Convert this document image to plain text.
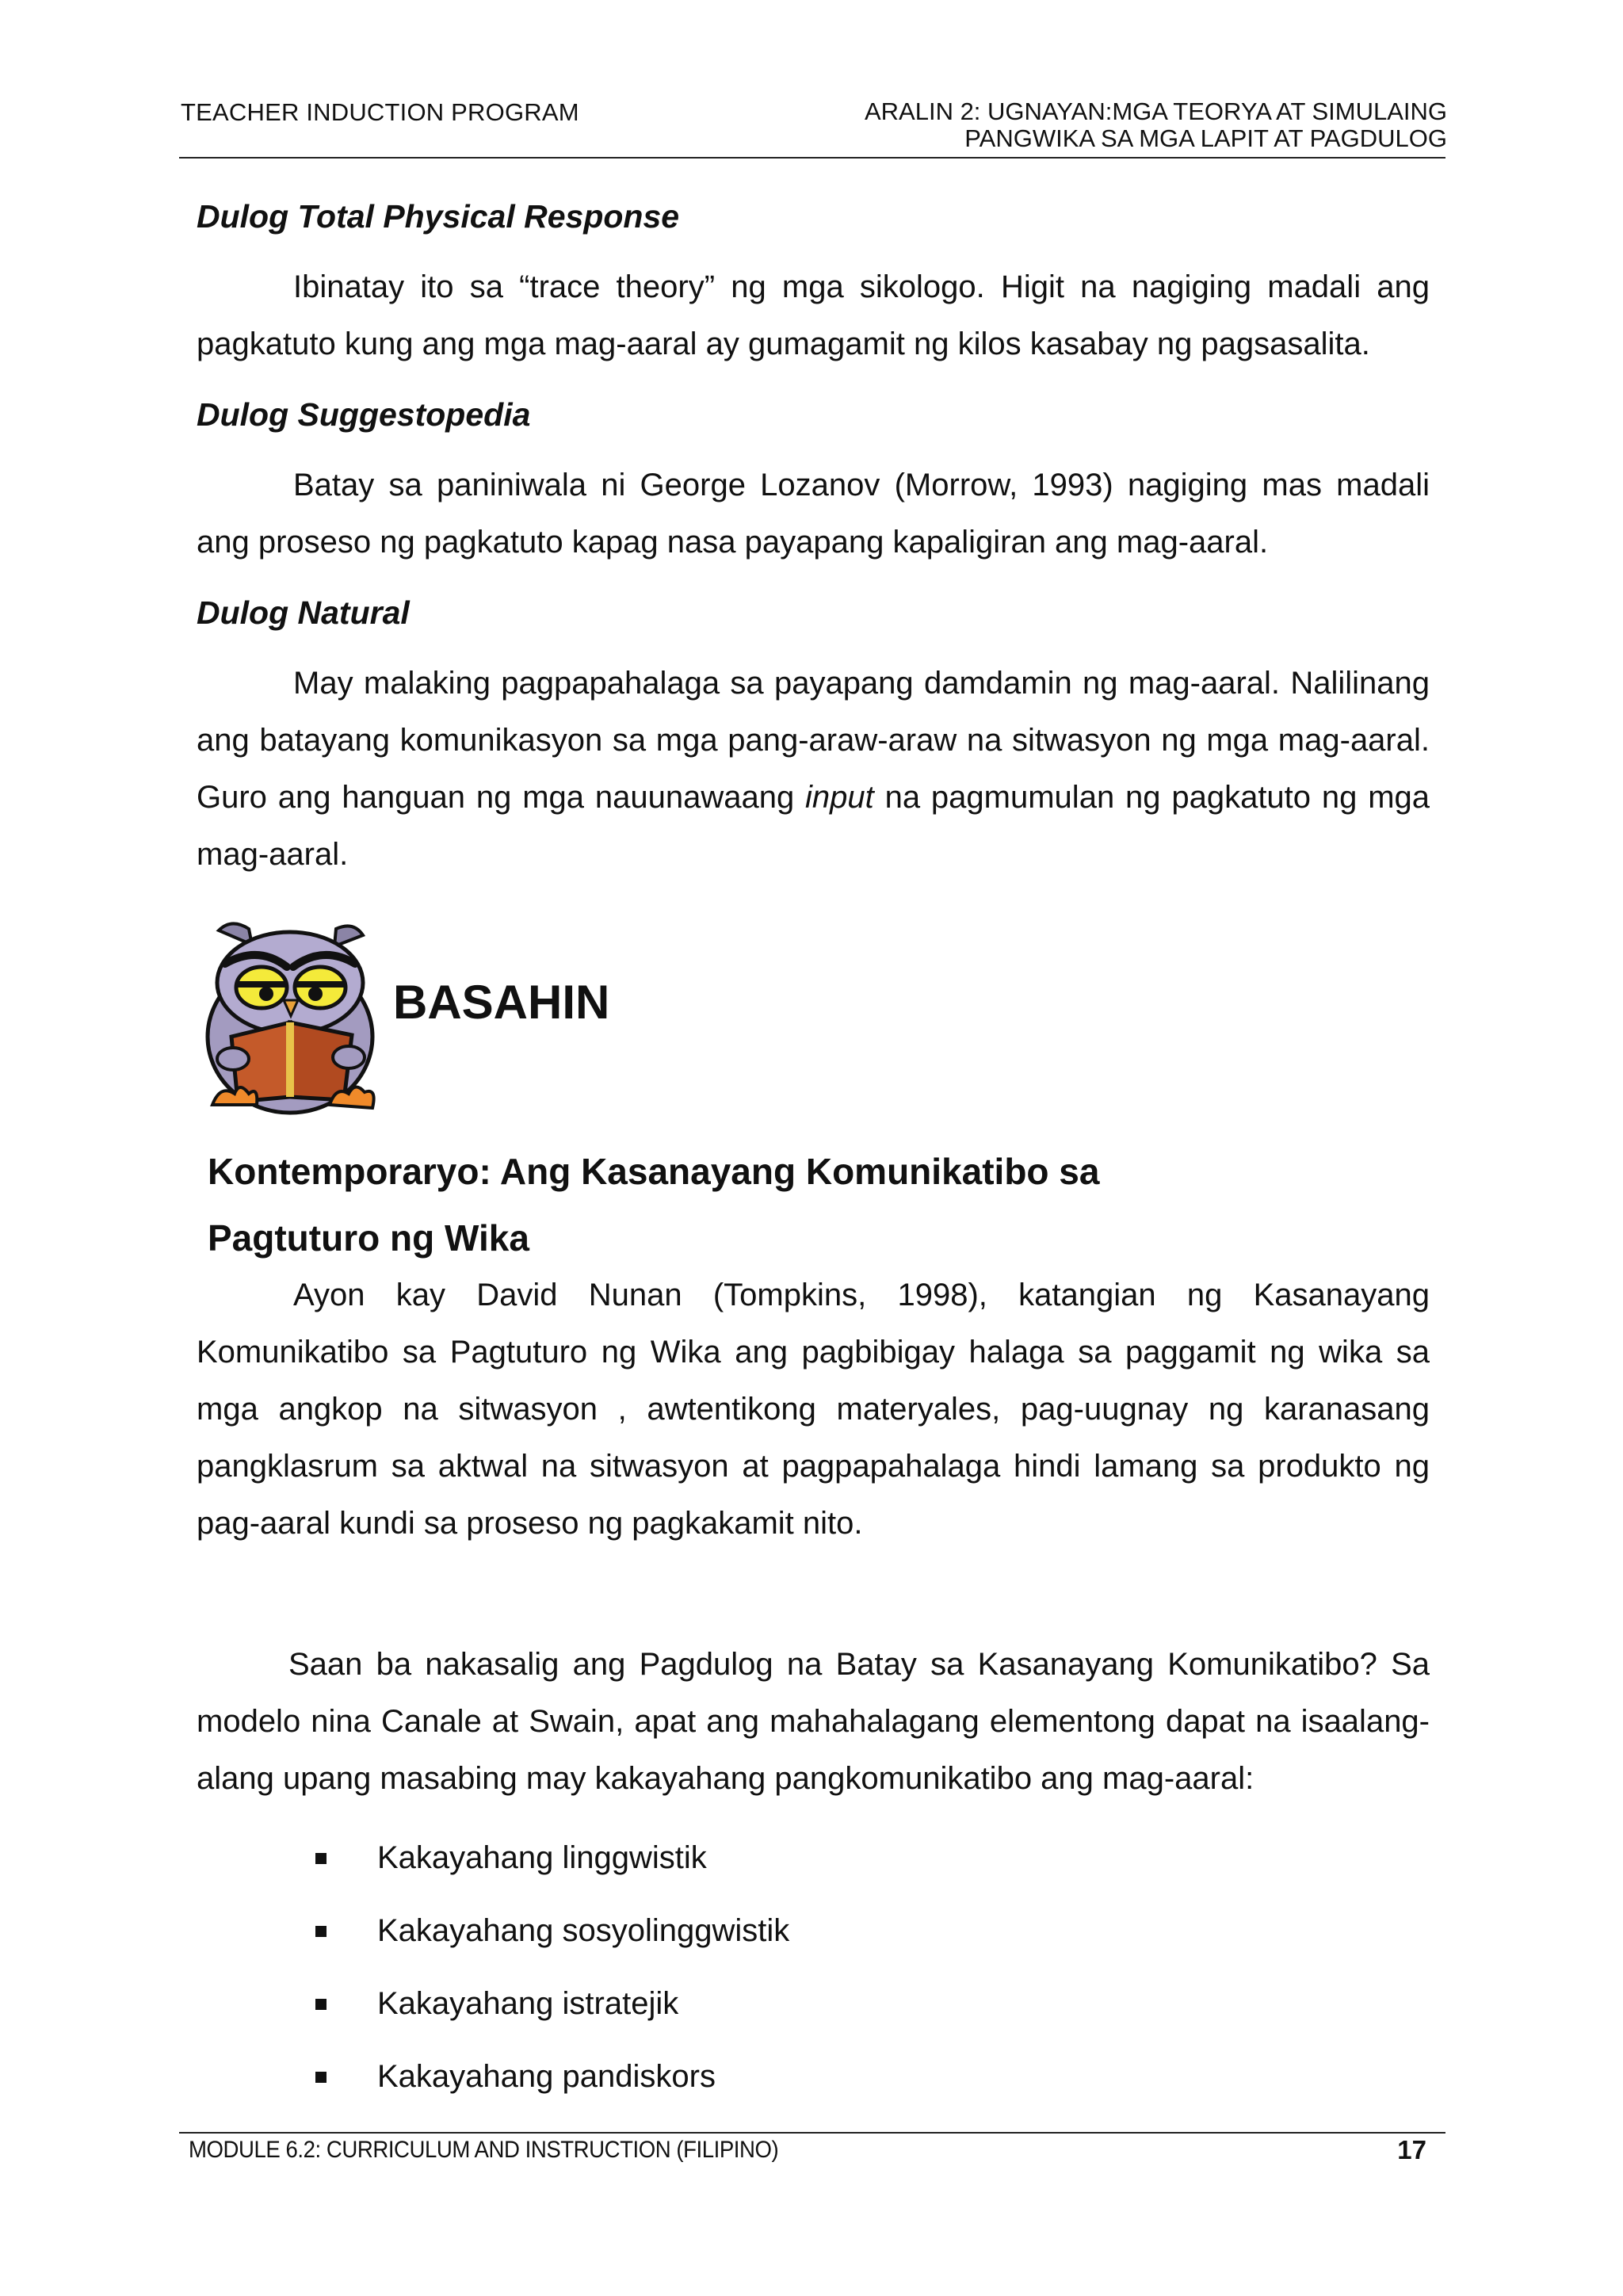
TEACHER INDUCTION PROGRAM	ARALIN 2: UGNAYAN:MGA TEORYA AT SIMULAING
PANGWIKA SA MGA LAPIT AT PAGDULOG
Dulog Total Physical Response

Ibinatay ito sa “trace theory” ng mga sikologo. Higit na nagiging madali ang pagkatuto kung ang mga mag-aaral ay gumagamit ng kilos kasabay ng pagsasalita.

Dulog Suggestopedia

Batay sa paniniwala ni George Lozanov (Morrow, 1993) nagiging mas madali ang proseso ng pagkatuto kapag nasa payapang kapaligiran ang mag-aaral.

Dulog Natural

May malaking pagpapahalaga sa payapang damdamin ng mag-aaral. Nalilinang ang batayang komunikasyon sa mga pang-araw-araw na sitwasyon ng mga mag-aaral. Guro ang hanguan ng mga nauunawaang input na pagmumulan ng pagkatuto ng mga mag-aaral.

BASAHIN
Kontemporaryo: Ang Kasanayang Komunikatibo sa
Pagtuturo ng Wika

Ayon kay David Nunan (Tompkins, 1998), katangian ng Kasanayang Komunikatibo sa Pagtuturo ng Wika ang pagbibigay halaga sa paggamit ng wika sa mga angkop na sitwasyon , awtentikong materyales, pag-uugnay ng karanasang pangklasrum sa aktwal na sitwasyon at pagpapahalaga hindi lamang sa produkto ng pag-aaral kundi sa proseso ng pagkakamit nito.

Saan ba nakasalig ang Pagdulog na Batay sa Kasanayang Komunikatibo? Sa modelo nina Canale at Swain, apat ang mahahalagang elementong dapat na isaalang-alang upang masabing may kakayahang pangkomunikatibo ang mag-aaral:

Kakayahang linggwistik
Kakayahang sosyolinggwistik
Kakayahang istratejik
Kakayahang pandiskors
MODULE 6.2: CURRICULUM AND INSTRUCTION (FILIPINO)	17
